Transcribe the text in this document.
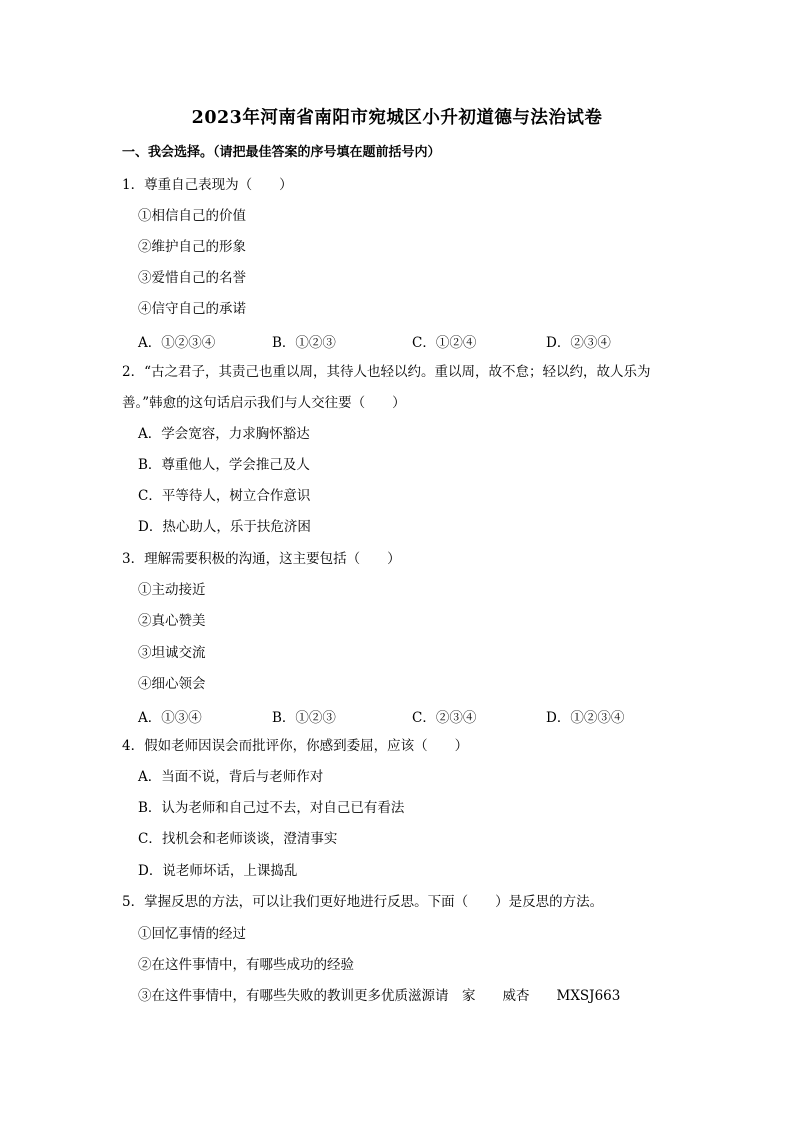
2023年河南省南阳市宛城区小升初道德与法治试卷
一、我会选择。（请把最佳答案的序号填在题前括号内）
1．尊重自己表现为（　　）
①相信自己的价值
②维护自己的形象
③爱惜自己的名誉
④信守自己的承诺
A．①②③④	B．①②③	C．①②④	D．②③④
2．“古之君子，其责己也重以周，其待人也轻以约。重以周，故不怠；轻以约，故人乐为
善。”韩愈的这句话启示我们与人交往要（　　）
A．学会宽容，力求胸怀豁达
B．尊重他人，学会推己及人
C．平等待人，树立合作意识
D．热心助人，乐于扶危济困
3．理解需要积极的沟通，这主要包括（　　）
①主动接近
②真心赞美
③坦诚交流
④细心领会
A．①③④	B．①②③	C．②③④	D．①②③④
4．假如老师因误会而批评你，你感到委屈，应该（　　）
A．当面不说，背后与老师作对
B．认为老师和自己过不去，对自己已有看法
C．找机会和老师谈谈，澄清事实
D．说老师坏话，上课捣乱
5．掌握反思的方法，可以让我们更好地进行反思。下面（　　）是反思的方法。
①回忆事情的经过
②在这件事情中，有哪些成功的经验
③在这件事情中，有哪些失败的教训更多优质滋源请　家　　威杏　　MXSJ663
